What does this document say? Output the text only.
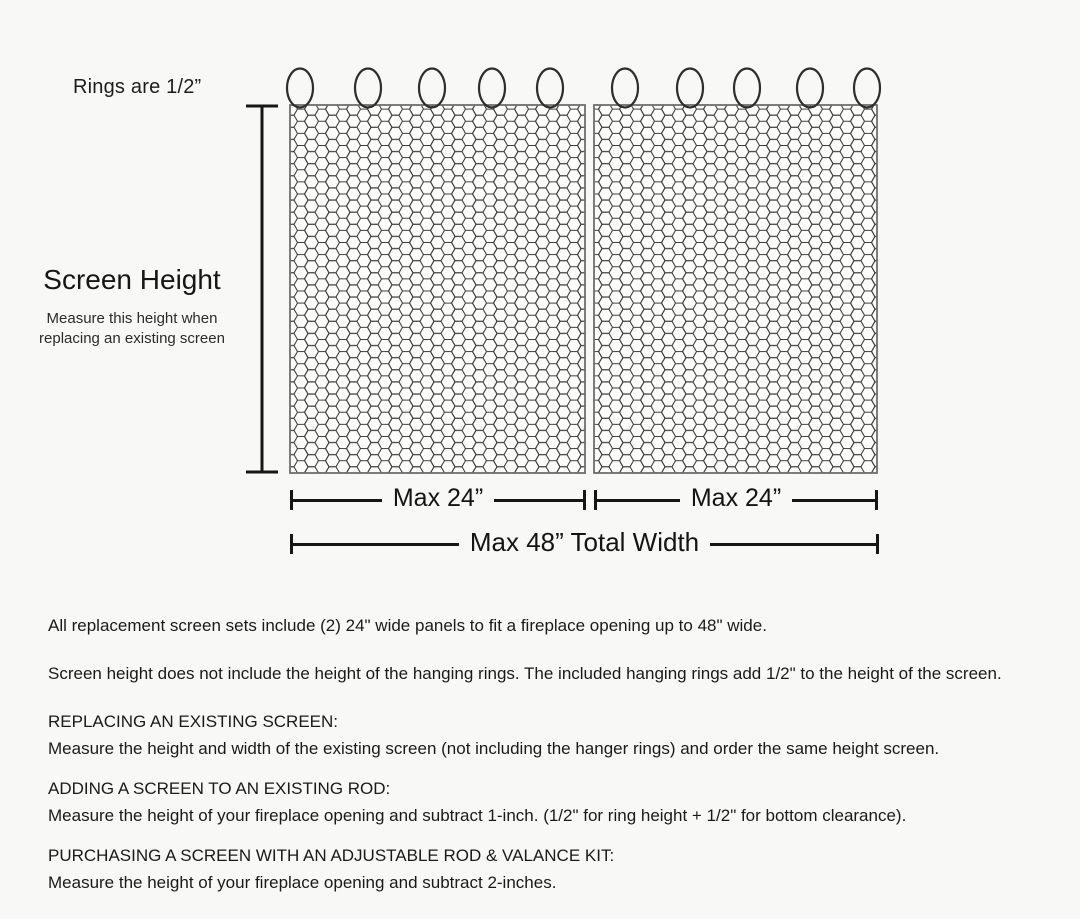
Rings are 1/2”
Screen Height
Measure this height when
replacing an existing screen
Max 24”	Max 24”
Max 48” Total Width

All replacement screen sets include (2) 24" wide panels to fit a fireplace opening up to 48" wide.

Screen height does not include the height of the hanging rings. The included hanging rings add 1/2" to the height of the screen.

REPLACING AN EXISTING SCREEN:
Measure the height and width of the existing screen (not including the hanger rings) and order the same height screen.
ADDING A SCREEN TO AN EXISTING ROD:
Measure the height of your fireplace opening and subtract 1-inch. (1/2" for ring height + 1/2" for bottom clearance).
PURCHASING A SCREEN WITH AN ADJUSTABLE ROD & VALANCE KIT:
Measure the height of your fireplace opening and subtract 2-inches.
